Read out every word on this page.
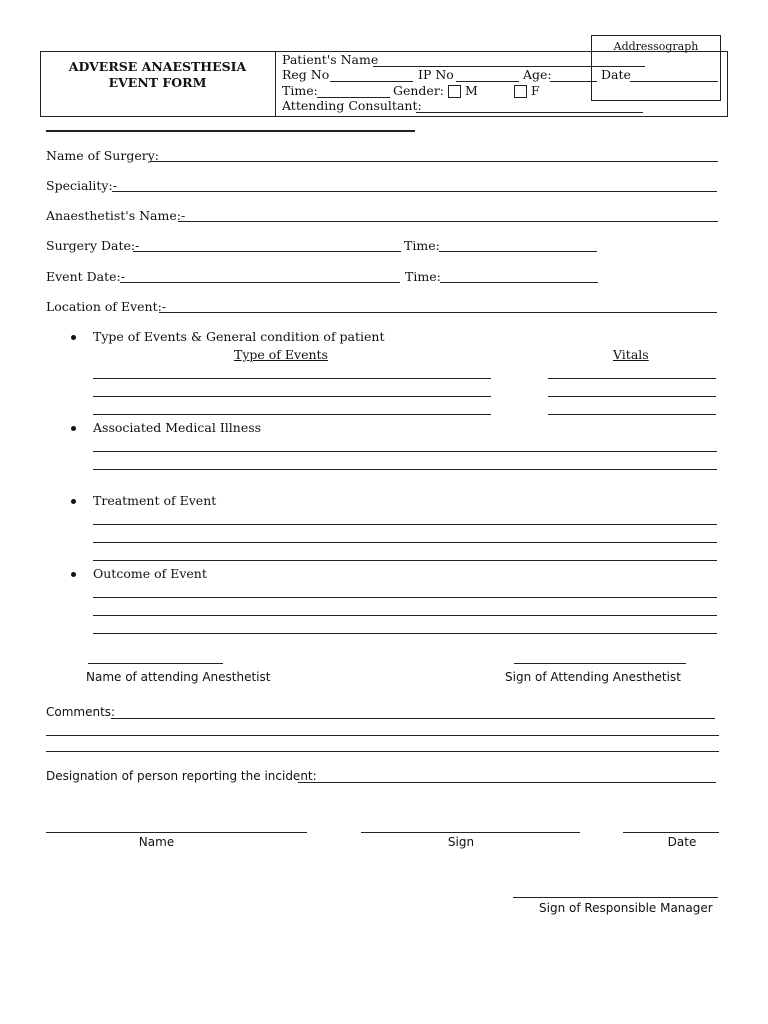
ADVERSE ANAESTHESIA
EVENT FORM
Addressograph
Patient's Name
Reg No	IP No	Age:	Date
Time:	Gender: M	F
Attending Consultant:
Name of Surgery:
Speciality:-
Anaesthetist's Name:-
Surgery Date:-	Time:
Event Date:-	Time:
Location of Event:-
Type of Events & General condition of patient
Type of Events	Vitals
Associated Medical Illness
Treatment of Event
Outcome of Event
Name of attending Anesthetist	Sign of Attending Anesthetist
Comments:
Designation of person reporting the incident:
Name	Sign	Date
Sign of Responsible Manager
